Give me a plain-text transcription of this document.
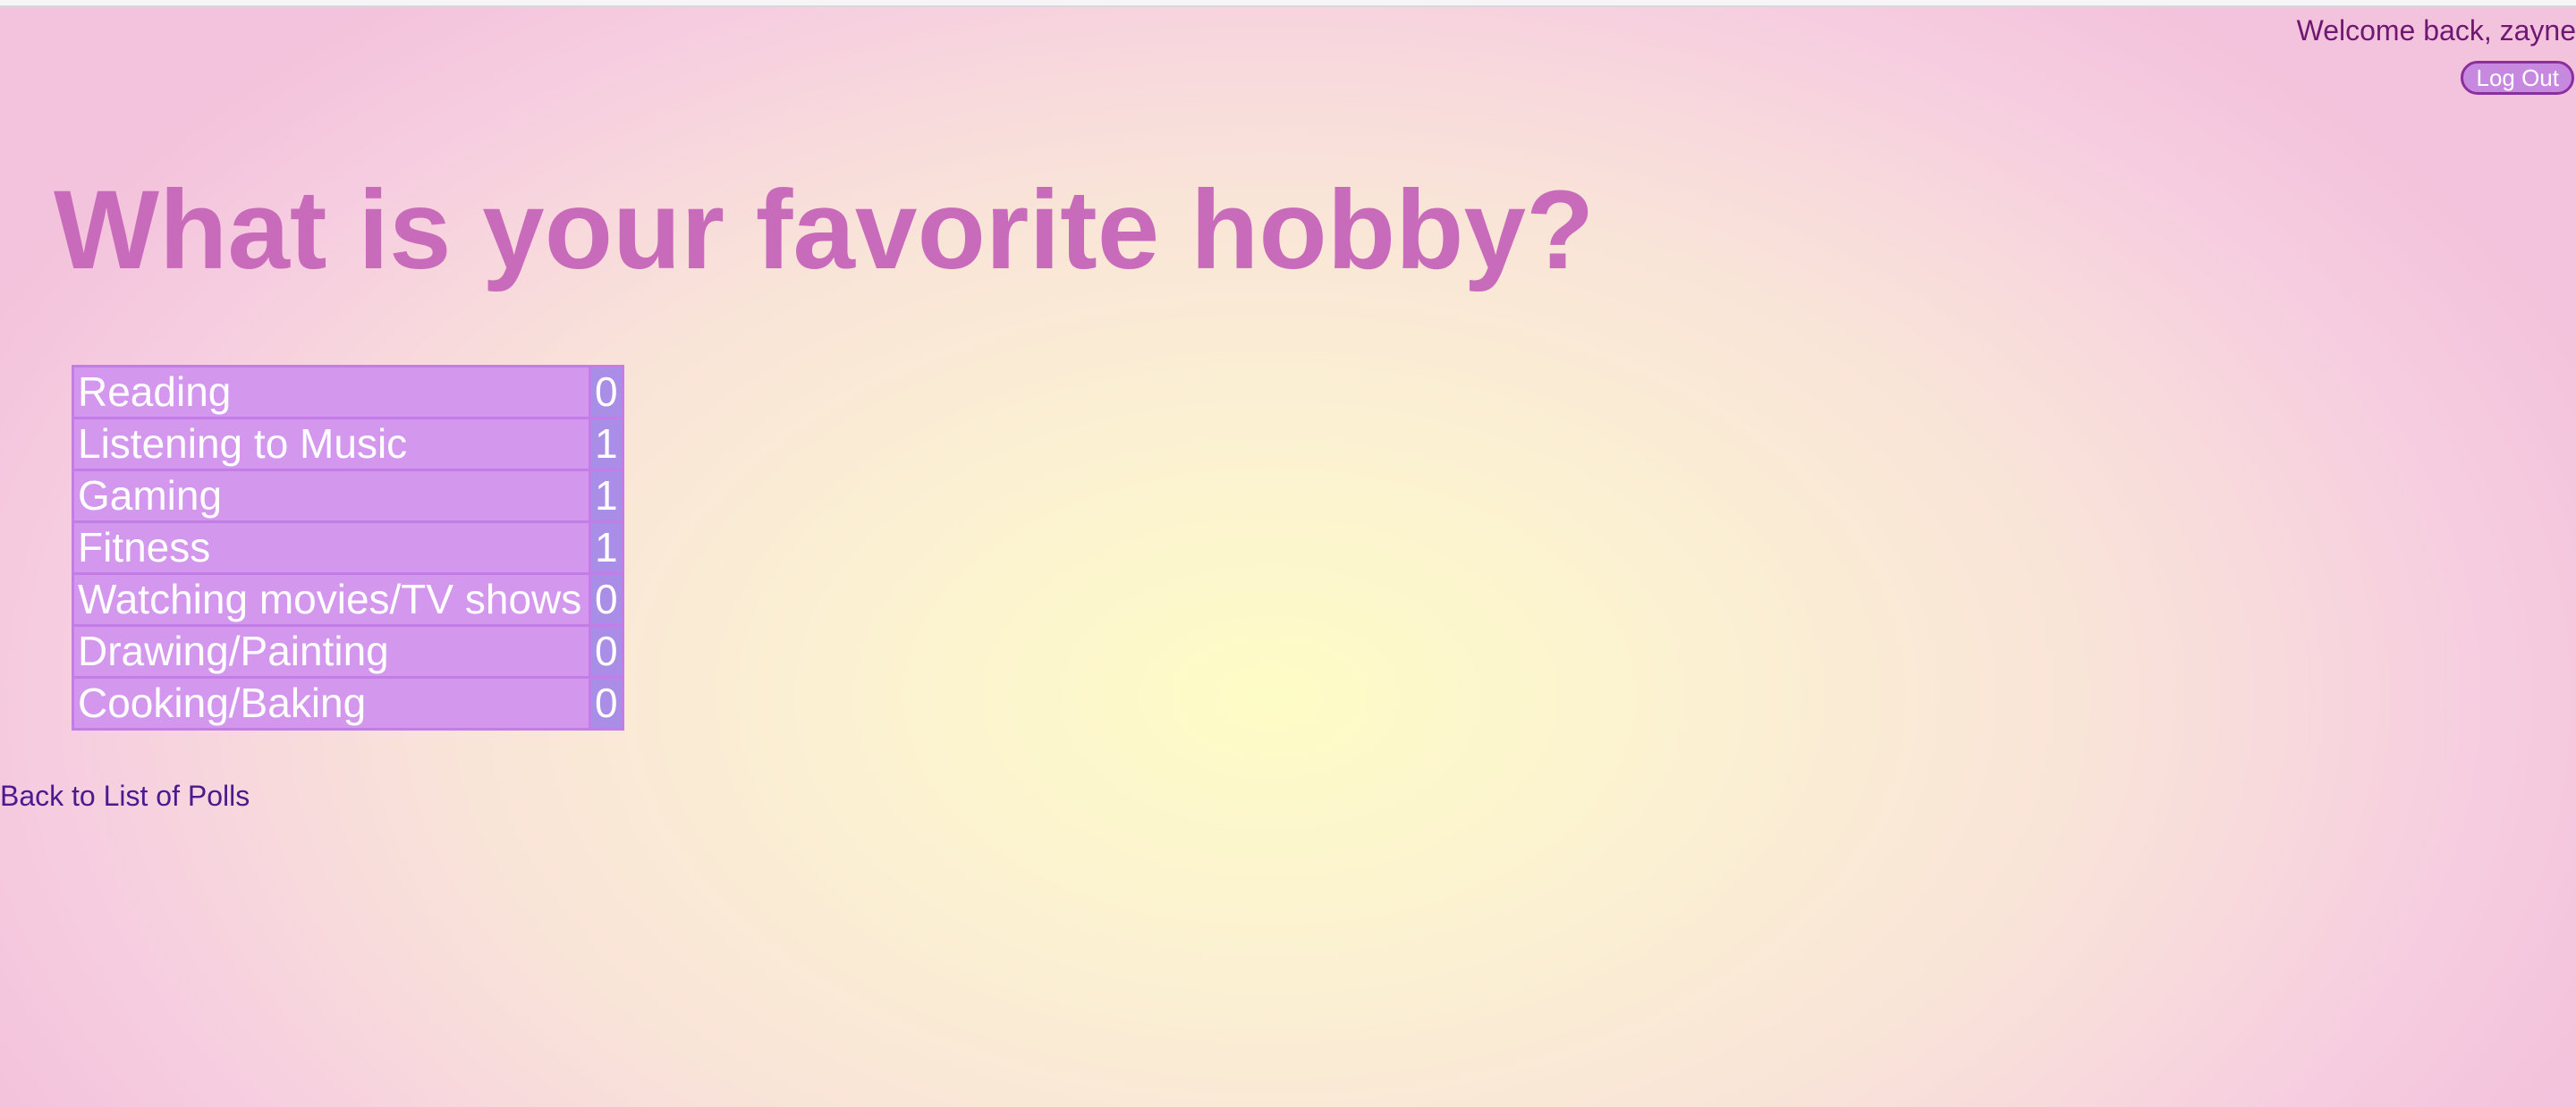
Welcome back, zayne
Log Out
What is your favorite hobby?
Reading	0
Listening to Music	1
Gaming	1
Fitness	1
Watching movies/TV shows	0
Drawing/Painting	0
Cooking/Baking	0
Back to List of Polls
